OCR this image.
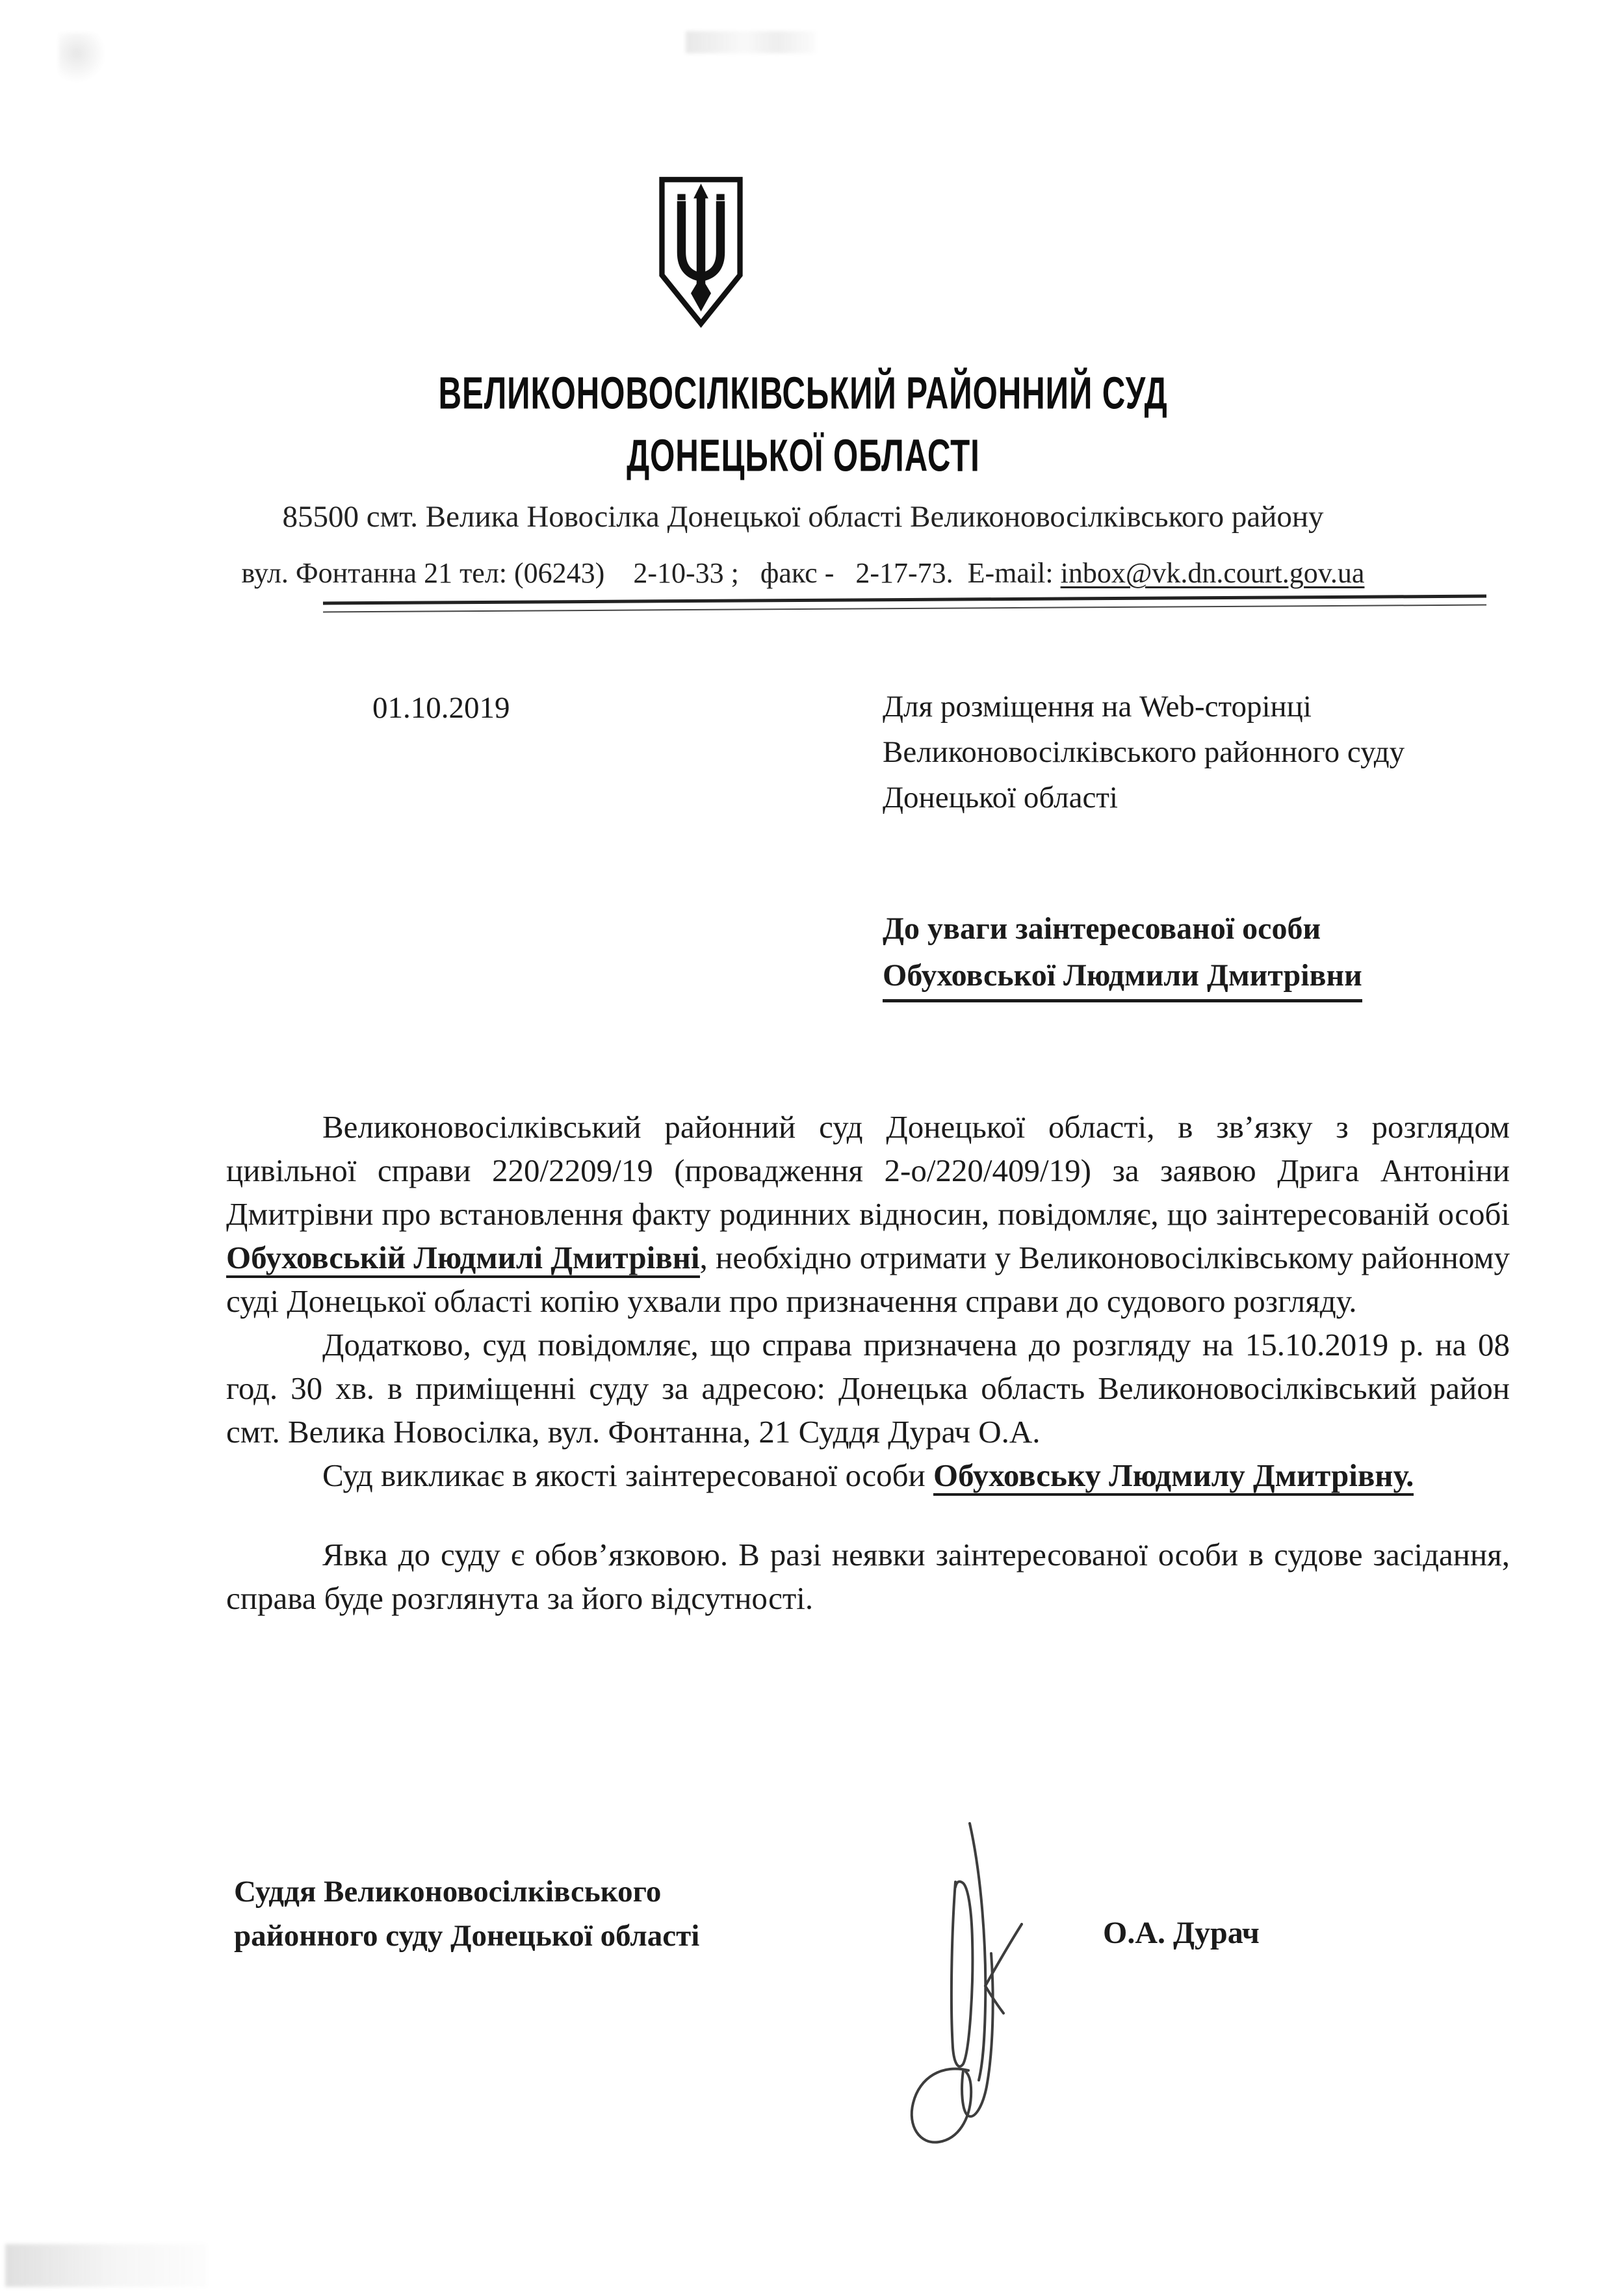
ВЕЛИКОНОВОСІЛКІВСЬКИЙ РАЙОННИЙ СУД
ДОНЕЦЬКОЇ ОБЛАСТІ
85500 смт. Велика Новосілка Донецької області Великоновосілківського району
вул. Фонтанна 21 тел: (06243)    2-10-33 ;   факс -   2-17-73.  E-mail: inbox@vk.dn.court.gov.ua
01.10.2019	Для розміщення на Web-сторінці
Великоновосілківського районного суду
Донецької області
До уваги заінтересованої особи
Обуховської Людмили Дмитрівни

Великоновосілківський районний суд Донецької області, в зв’язку з розглядом цивільної справи 220/2209/19 (провадження 2-о/220/409/19) за заявою Дрига Антоніни Дмитрівни про встановлення факту родинних відносин, повідомляє, що заінтересованій особі Обуховській Людмилі Дмитрівні, необхідно отримати у Великоновосілківському районному суді Донецької області копію ухвали про призначення справи до судового розгляду.

Додатково, суд повідомляє, що справа призначена до розгляду на 15.10.2019 р. на 08 год. 30 хв. в приміщенні суду за адресою: Донецька область Великоновосілківський район смт. Велика Новосілка, вул. Фонтанна, 21 Суддя Дурач О.А.

Суд викликає в якості заінтересованої особи Обуховську Людмилу Дмитрівну.

Явка до суду є обов’язковою. В разі неявки заінтересованої особи в судове засідання, справа буде розглянута за його відсутності.

Суддя Великоновосілківського
районного суду Донецької області	О.А. Дурач
